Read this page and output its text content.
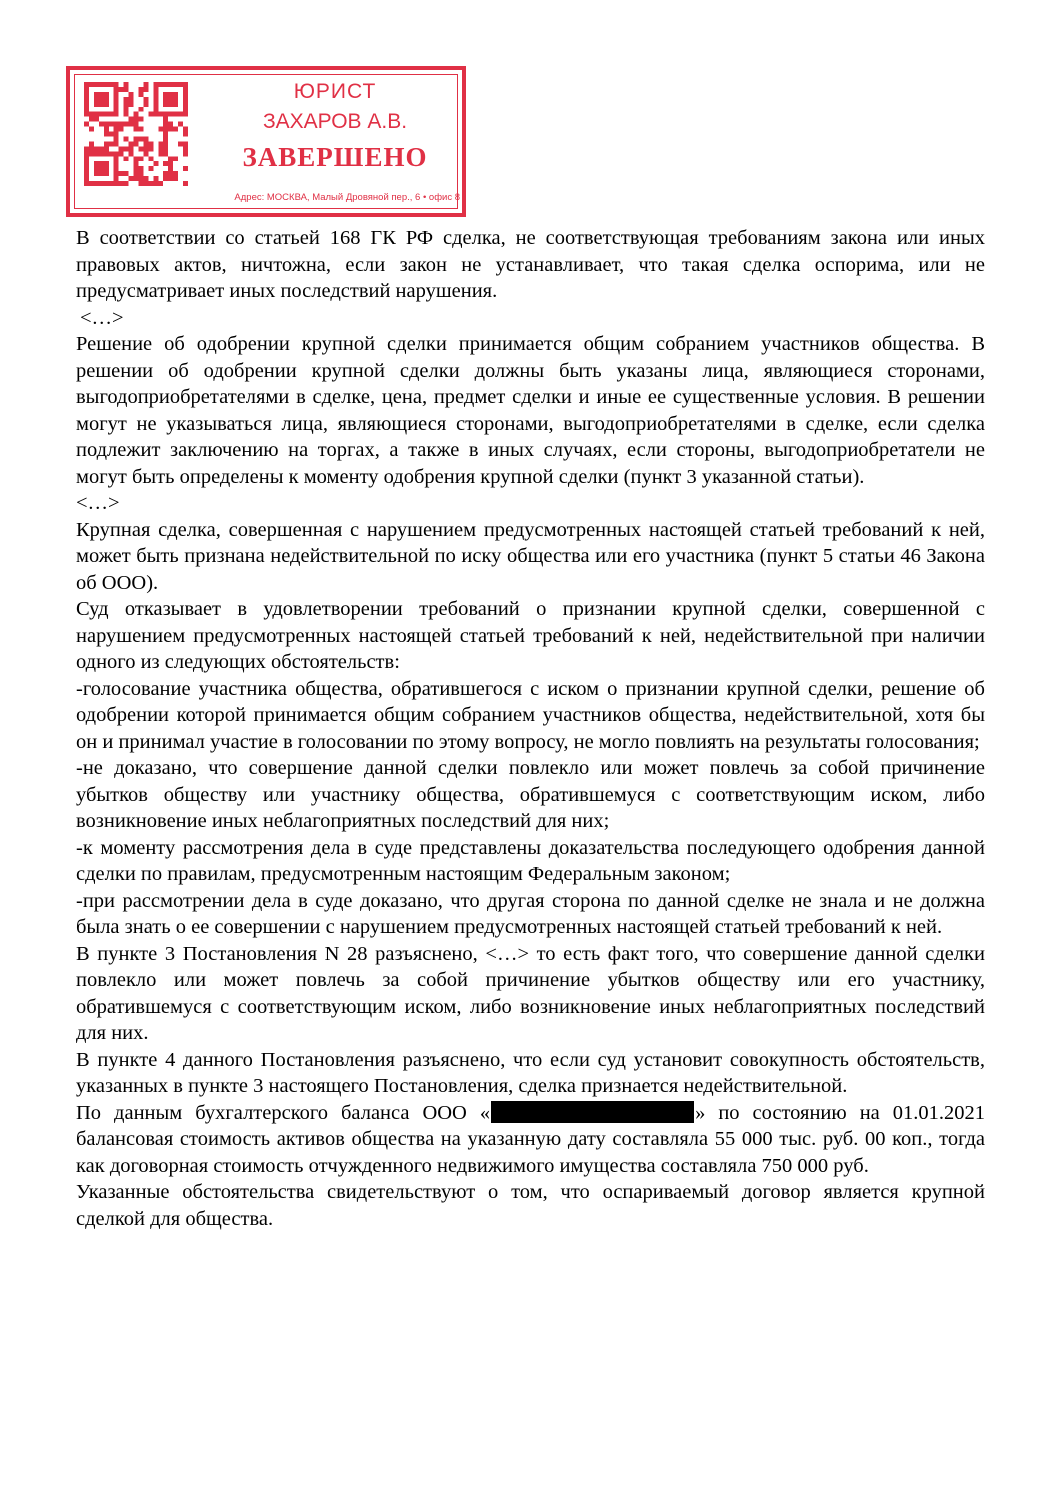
ЮРИСТ
ЗАХАРОВ А.В.
ЗАВЕРШЕНО
Адрес: МОСКВА, Малый Дровяной пер., 6 • офис 8

В соответствии со статьей 168 ГК РФ сделка, не соответствующая требованиям закона или иных правовых актов, ничтожна, если закон не устанавливает, что такая сделка оспорима, или не предусматривает иных последствий нарушения.

<…>

Решение об одобрении крупной сделки принимается общим собранием участников общества. В решении об одобрении крупной сделки должны быть указаны лица, являющиеся сторонами, выгодоприобретателями в сделке, цена, предмет сделки и иные ее существенные условия. В решении могут не указываться лица, являющиеся сторонами, выгодоприобретателями в сделке, если сделка подлежит заключению на торгах, а также в иных случаях, если стороны, выгодоприобретатели не могут быть определены к моменту одобрения крупной сделки (пункт 3 указанной статьи).

<…>

Крупная сделка, совершенная с нарушением предусмотренных настоящей статьей требований к ней, может быть признана недействительной по иску общества или его участника (пункт 5 статьи 46 Закона об ООО).

Суд отказывает в удовлетворении требований о признании крупной сделки, совершенной с нарушением предусмотренных настоящей статьей требований к ней, недействительной при наличии одного из следующих обстоятельств:

-голосование участника общества, обратившегося с иском о признании крупной сделки, решение об одобрении которой принимается общим собранием участников общества, недействительной, хотя бы он и принимал участие в голосовании по этому вопросу, не могло повлиять на результаты голосования;

-не доказано, что совершение данной сделки повлекло или может повлечь за собой причинение убытков обществу или участнику общества, обратившемуся с соответствующим иском, либо возникновение иных неблагоприятных последствий для них;

-к моменту рассмотрения дела в суде представлены доказательства последующего одобрения данной сделки по правилам, предусмотренным настоящим Федеральным законом;

-при рассмотрении дела в суде доказано, что другая сторона по данной сделке не знала и не должна была знать о ее совершении с нарушением предусмотренных настоящей статьей требований к ней.

В пункте 3 Постановления N 28 разъяснено, <…> то есть факт того, что совершение данной сделки повлекло или может повлечь за собой причинение убытков обществу или его участнику, обратившемуся с соответствующим иском, либо возникновение иных неблагоприятных последствий для них.

В пункте 4 данного Постановления разъяснено, что если суд установит совокупность обстоятельств, указанных в пункте 3 настоящего Постановления, сделка признается недействительной.

По данным бухгалтерского баланса ООО «	» по состоянию на 01.01.2021 балансовая стоимость активов общества на указанную дату составляла 55 000 тыс. руб. 00 коп., тогда как договорная стоимость отчужденного недвижимого имущества составляла 750 000 руб.

Указанные обстоятельства свидетельствуют о том, что оспариваемый договор является крупной сделкой для общества.
